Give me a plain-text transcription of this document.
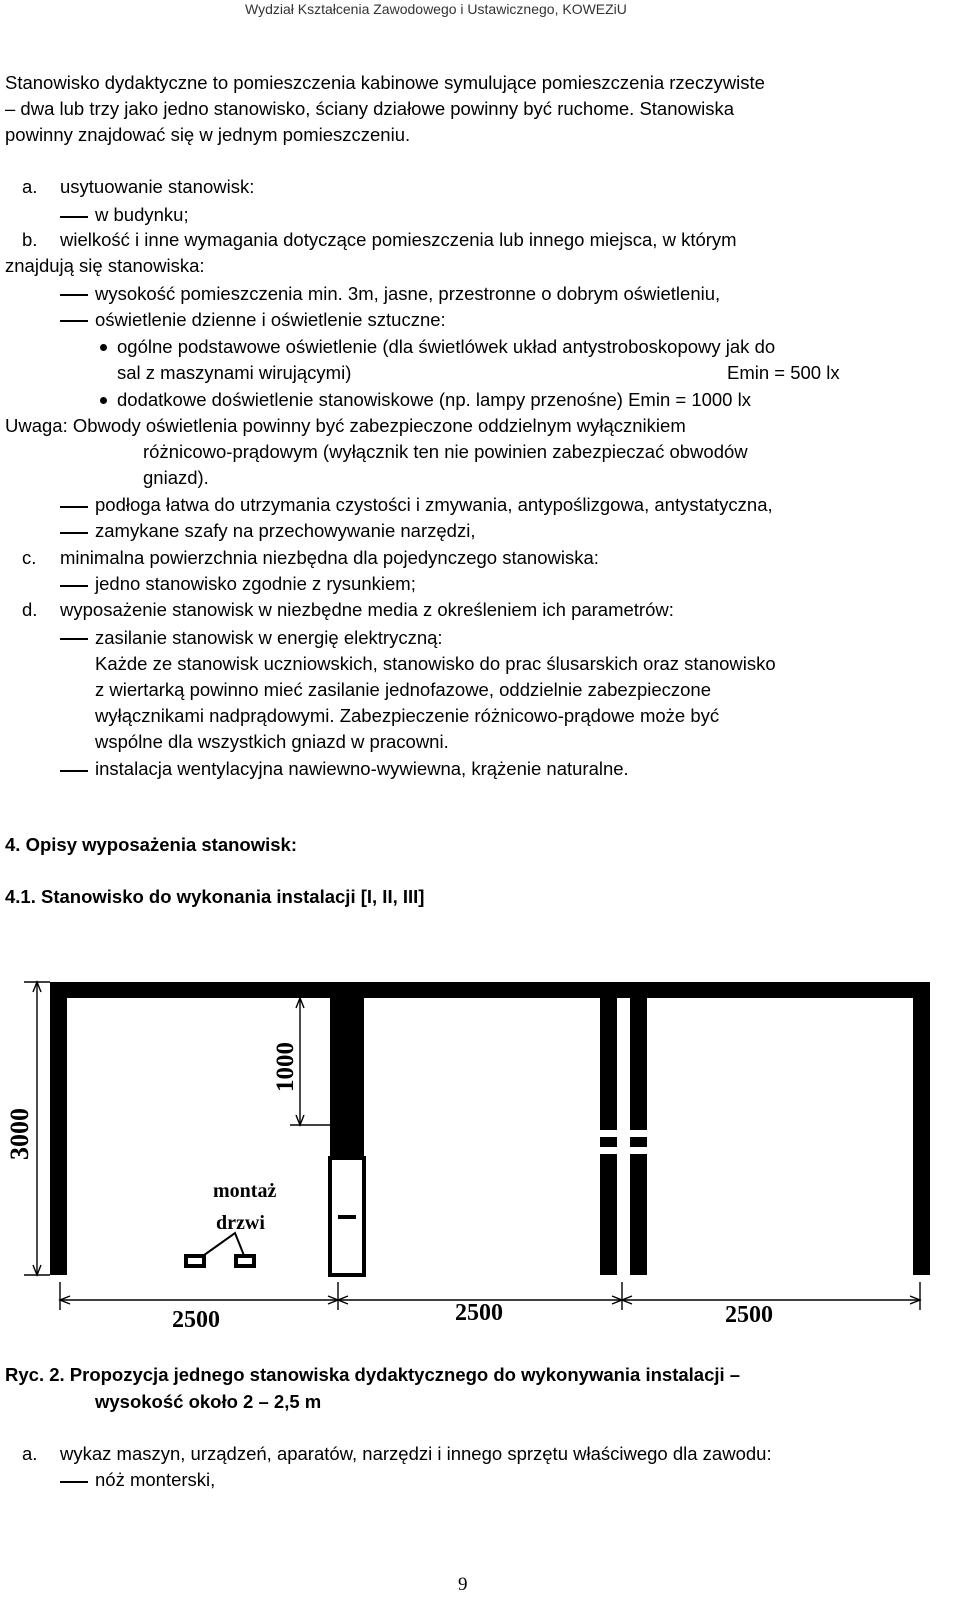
Wydział Kształcenia Zawodowego i Ustawicznego, KOWEZiU
Stanowisko dydaktyczne to pomieszczenia kabinowe symulujące pomieszczenia rzeczywiste
– dwa lub trzy jako jedno stanowisko, ściany działowe powinny być ruchome. Stanowiska
powinny znajdować się w jednym pomieszczeniu.
a. usytuowanie stanowisk:
w budynku;
b. wielkość i inne wymagania dotyczące pomieszczenia lub innego miejsca, w którym
znajdują się stanowiska:
wysokość pomieszczenia min. 3m, jasne, przestronne o dobrym oświetleniu,
oświetlenie dzienne i oświetlenie sztuczne:
ogólne podstawowe oświetlenie (dla świetlówek układ antystroboskopowy jak do
sal z maszynami wirującymi)	Emin = 500 lx
dodatkowe doświetlenie stanowiskowe (np. lampy przenośne) Emin = 1000 lx
Uwaga: Obwody oświetlenia powinny być zabezpieczone oddzielnym wyłącznikiem
różnicowo-prądowym (wyłącznik ten nie powinien zabezpieczać obwodów
gniazd).
podłoga łatwa do utrzymania czystości i zmywania, antypoślizgowa, antystatyczna,
zamykane szafy na przechowywanie narzędzi,
c. minimalna powierzchnia niezbędna dla pojedynczego stanowiska:
jedno stanowisko zgodnie z rysunkiem;
d. wyposażenie stanowisk w niezbędne media z określeniem ich parametrów:
zasilanie stanowisk w energię elektryczną:
Każde ze stanowisk uczniowskich, stanowisko do prac ślusarskich oraz stanowisko
z wiertarką powinno mieć zasilanie jednofazowe, oddzielnie zabezpieczone
wyłącznikami nadprądowymi. Zabezpieczenie różnicowo-prądowe może być
wspólne dla wszystkich gniazd w pracowni.
instalacja wentylacyjna nawiewno-wywiewna, krążenie naturalne.
4. Opisy wyposażenia stanowisk:
4.1. Stanowisko do wykonania instalacji [I, II, III]
3000
1000
montaż
drzwi
2500	2500	2500
Ryc. 2. Propozycja jednego stanowiska dydaktycznego do wykonywania instalacji –
wysokość około 2 – 2,5 m
a. wykaz maszyn, urządzeń, aparatów, narzędzi i innego sprzętu właściwego dla zawodu:
nóż monterski,
9
